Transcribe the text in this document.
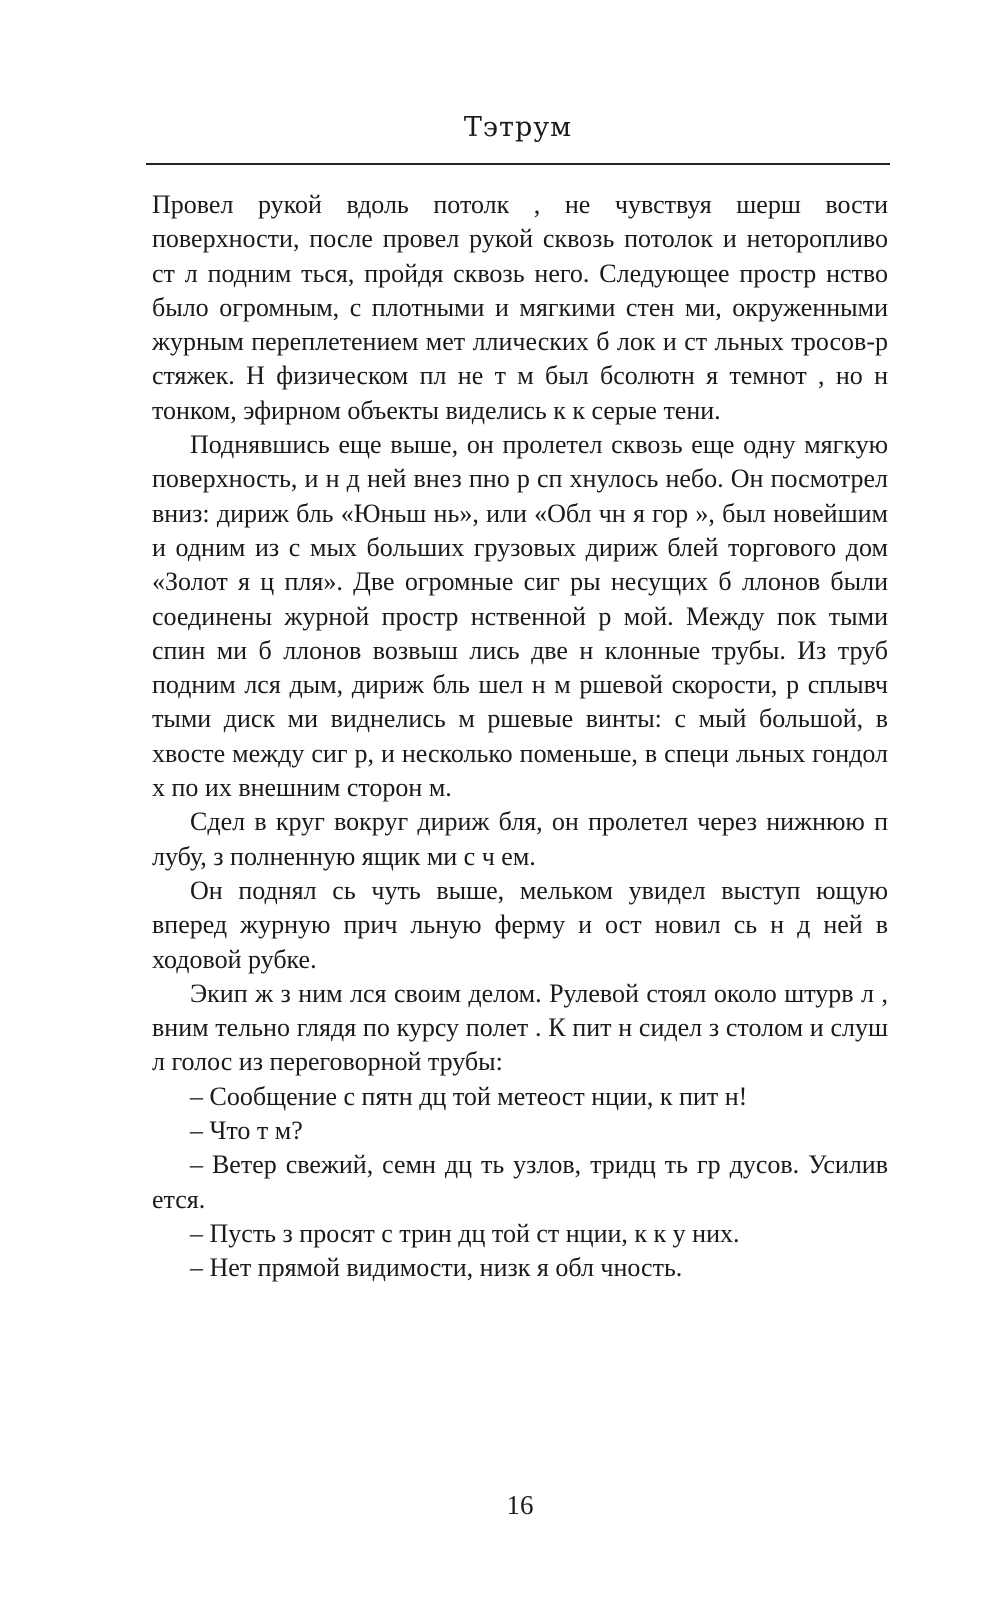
Тэтрум

Провел рукой вдоль потолк , не чувствуя шерш вости поверхности, после провел рукой сквозь потолок и неторопливо ст л подним ться, пройдя сквозь него. Следующее простр нство было огромным, с плотными и мягкими стен ми, окруженными журным переплетением мет ллических б лок и ст льных тросов-р стяжек. Н физическом пл не т м был бсолютн я темнот , но н тонком, эфирном объекты виделись к к серые тени.

Поднявшись еще выше, он пролетел сквозь еще одну мягкую поверхность, и н д ней внез пно р сп хнулось небо. Он посмотрел вниз: дириж бль «Юньш нь», или «Обл чн я гор », был новейшим и одним из с мых больших грузовых дириж блей торгового дом «Золот я ц пля». Две огромные сиг ры несущих б ллонов были соединены журной простр нственной р мой. Между пок тыми спин ми б ллонов возвыш лись две н клонные трубы. Из труб подним лся дым, дириж бль шел н м ршевой скорости, р сплывч тыми диск ми виднелись м ршевые винты: с мый большой, в хвосте между сиг р, и несколько поменьше, в специ льных гондол х по их внешним сторон м.

Сдел в круг вокруг дириж бля, он пролетел через нижнюю п лубу, з полненную ящик ми с ч ем.

Он поднял сь чуть выше, мельком увидел выступ ющую вперед журную прич льную ферму и ост новил сь н д ней в ходовой рубке.

Экип ж з ним лся своим делом. Рулевой стоял около штурв л , вним тельно глядя по курсу полет . К пит н сидел з столом и слуш л голос из переговорной трубы:

– Сообщение с пятн дц той метеост нции, к пит н!

– Что т м?

– Ветер свежий, семн дц ть узлов, тридц ть гр дусов. Усилив ется.

– Пусть з просят с трин дц той ст нции, к к у них.

– Нет прямой видимости, низк я обл чность.

16
